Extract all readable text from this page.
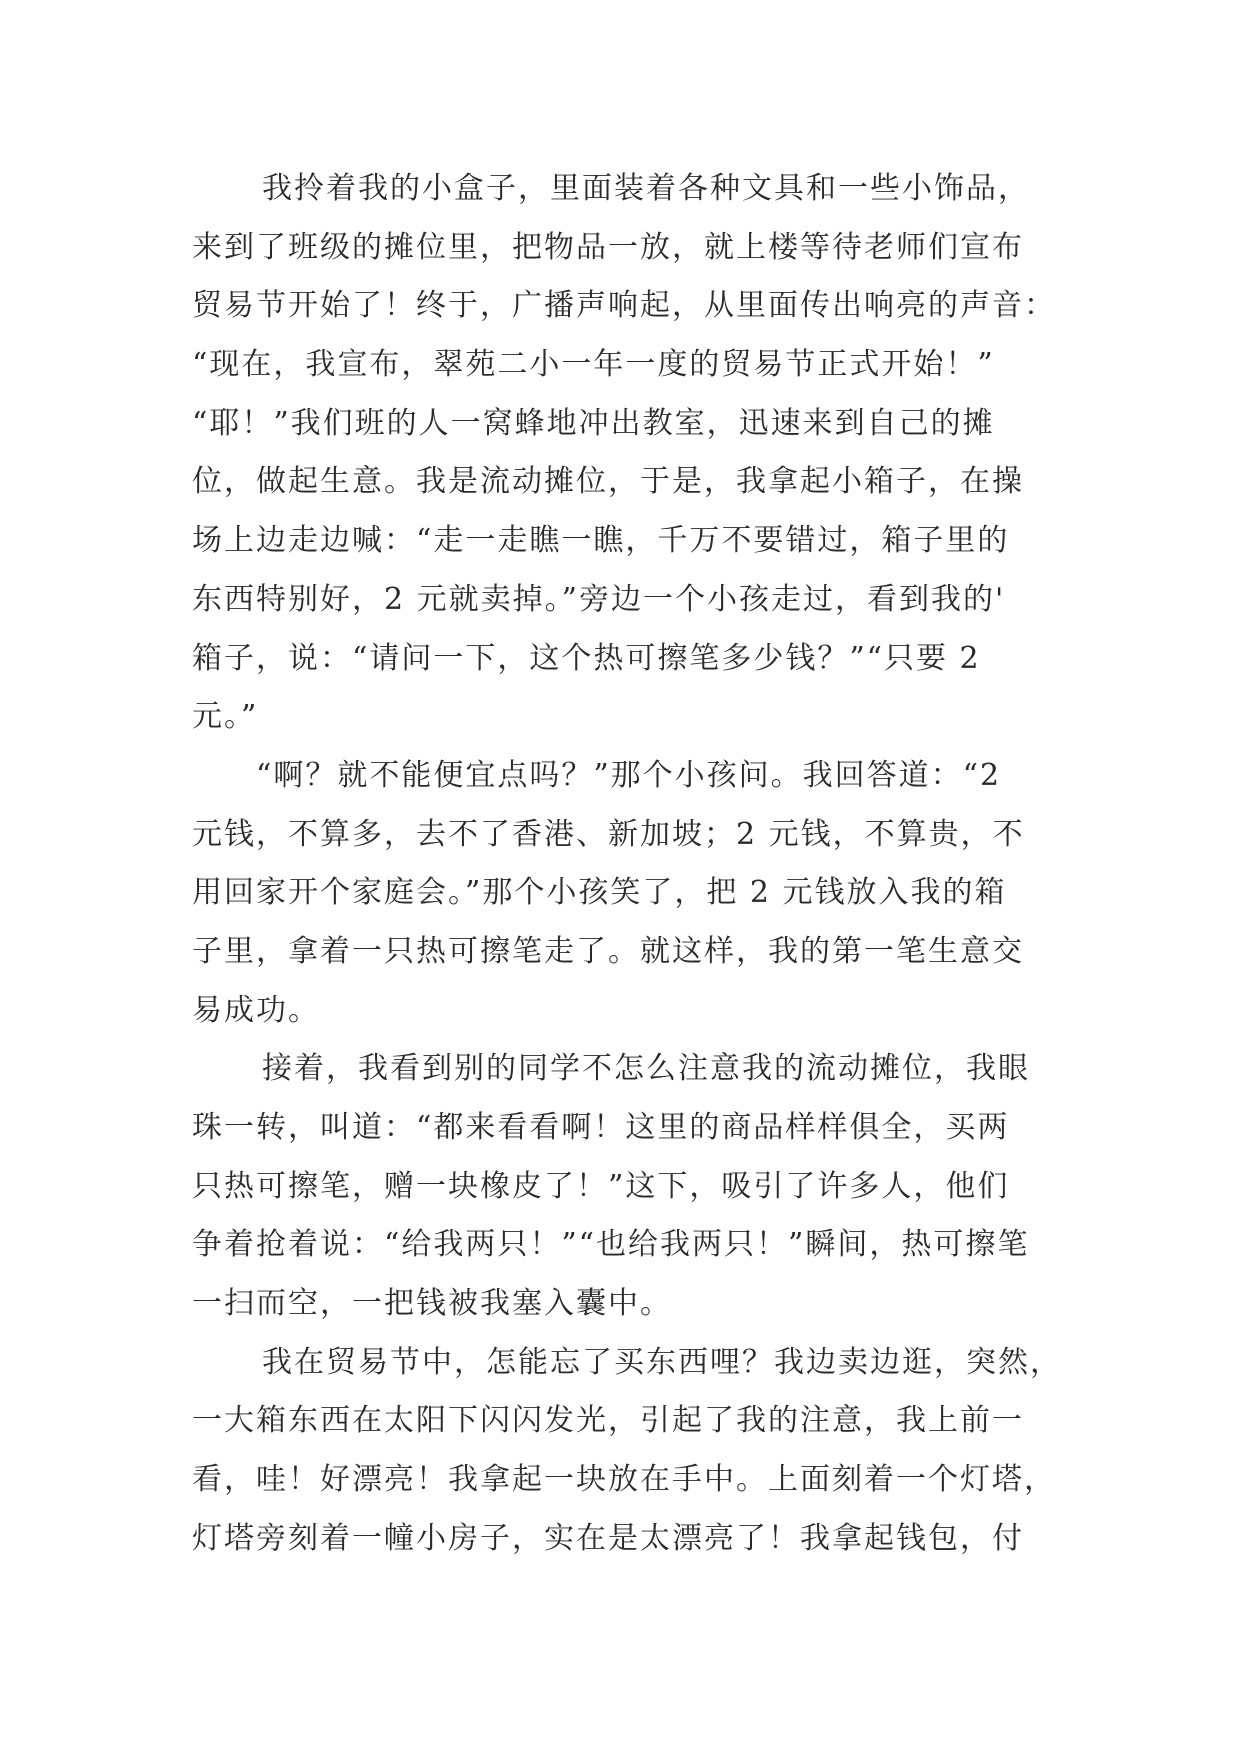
我拎着我的小盒子，里面装着各种文具和一些小饰品，
来到了班级的摊位里，把物品一放，就上楼等待老师们宣布
贸易节开始了！终于，广播声响起，从里面传出响亮的声音：
“现在，我宣布，翠苑二小一年一度的贸易节正式开始！”
“耶！”我们班的人一窝蜂地冲出教室，迅速来到自己的摊
位，做起生意。我是流动摊位，于是，我拿起小箱子，在操
场上边走边喊：“走一走瞧一瞧，千万不要错过，箱子里的
东西特别好，2 元就卖掉。”旁边一个小孩走过，看到我的'
箱子，说：“请问一下，这个热可擦笔多少钱？”“只要 2
元。”
“啊？就不能便宜点吗？”那个小孩问。我回答道：“2
元钱，不算多，去不了香港、新加坡；2 元钱，不算贵，不
用回家开个家庭会。”那个小孩笑了，把 2 元钱放入我的箱
子里，拿着一只热可擦笔走了。就这样，我的第一笔生意交
易成功。
接着，我看到别的同学不怎么注意我的流动摊位，我眼
珠一转，叫道：“都来看看啊！这里的商品样样俱全，买两
只热可擦笔，赠一块橡皮了！”这下，吸引了许多人，他们
争着抢着说：“给我两只！”“也给我两只！”瞬间，热可擦笔
一扫而空，一把钱被我塞入囊中。
我在贸易节中，怎能忘了买东西哩？我边卖边逛，突然，
一大箱东西在太阳下闪闪发光，引起了我的注意，我上前一
看，哇！好漂亮！我拿起一块放在手中。上面刻着一个灯塔，
灯塔旁刻着一幢小房子，实在是太漂亮了！我拿起钱包，付
